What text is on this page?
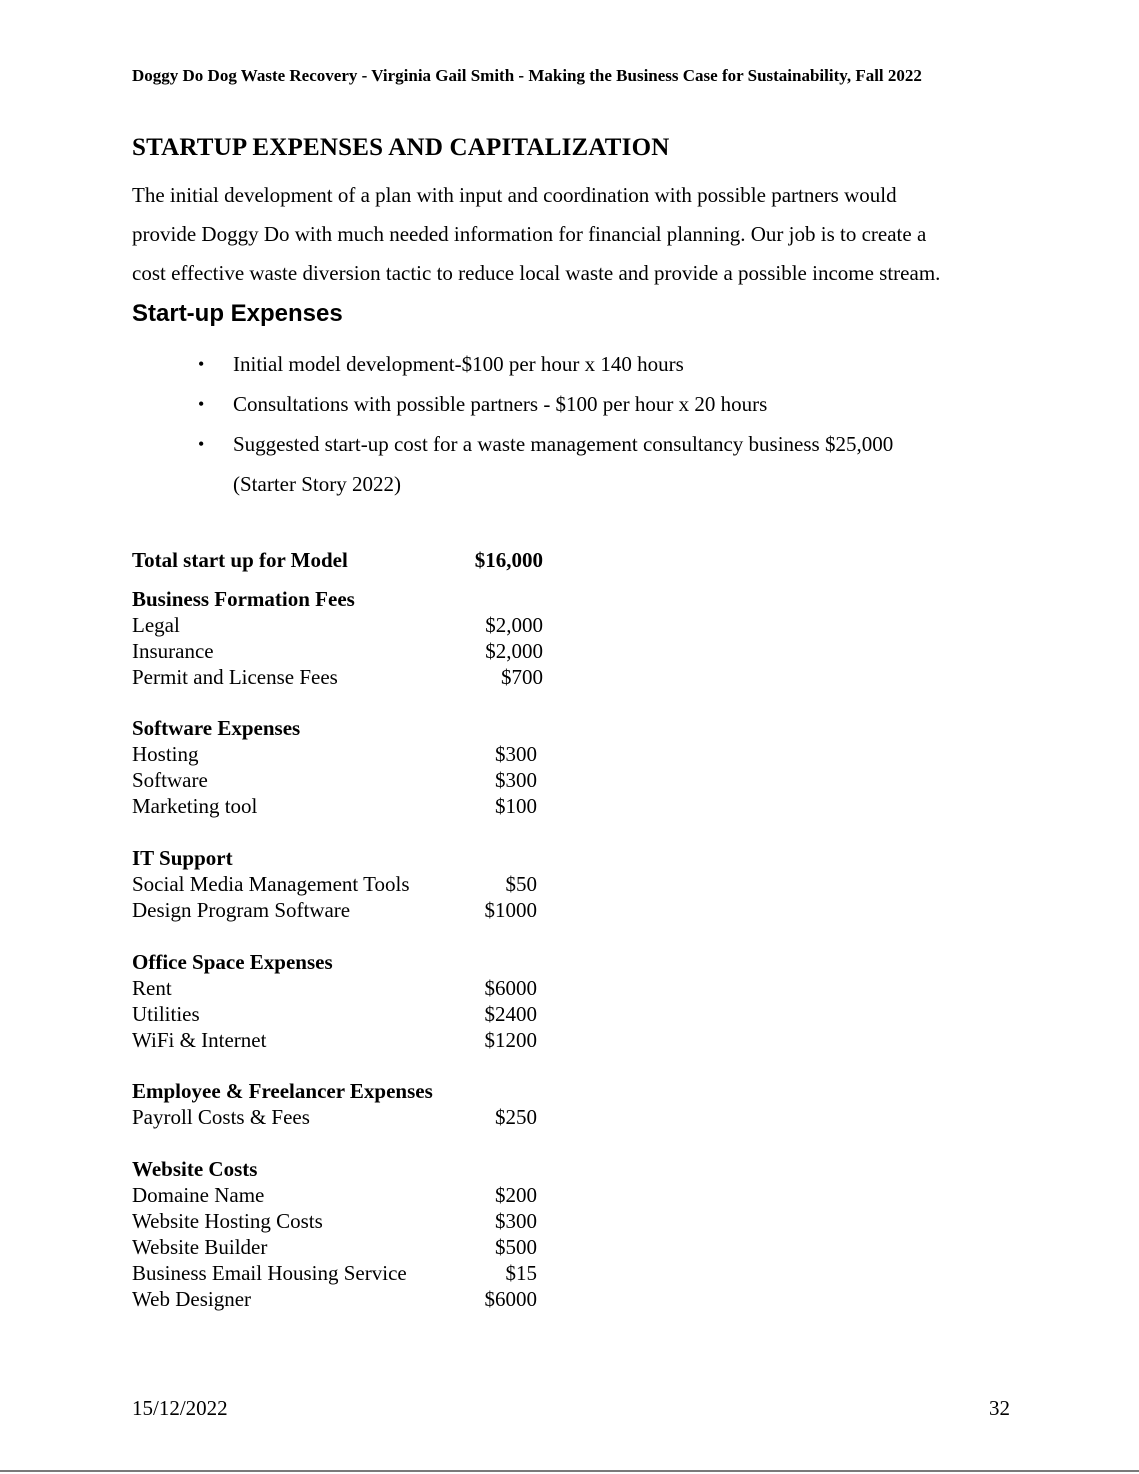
Doggy Do Dog Waste Recovery - Virginia Gail Smith - Making the Business Case for Sustainability, Fall 2022
STARTUP EXPENSES AND CAPITALIZATION
The initial development of a plan with input and coordination with possible partners would
provide Doggy Do with much needed information for financial planning. Our job is to create a
cost effective waste diversion tactic to reduce local waste and provide a possible income stream.
Start-up Expenses
• Initial model development-$100 per hour x 140 hours
• Consultations with possible partners - $100 per hour x 20 hours
• Suggested start-up cost for a waste management consultancy business $25,000
(Starter Story 2022)
Total start up for Model	$16,000
Business Formation Fees
Legal	$2,000
Insurance	$2,000
Permit and License Fees	$700
Software Expenses
Hosting	$300
Software	$300
Marketing tool	$100
IT Support
Social Media Management Tools	$50
Design Program Software	$1000
Office Space Expenses
Rent	$6000
Utilities	$2400
WiFi & Internet	$1200
Employee & Freelancer Expenses
Payroll Costs & Fees	$250
Website Costs
Domaine Name	$200
Website Hosting Costs	$300
Website Builder	$500
Business Email Housing Service	$15
Web Designer	$6000
15/12/2022	32
